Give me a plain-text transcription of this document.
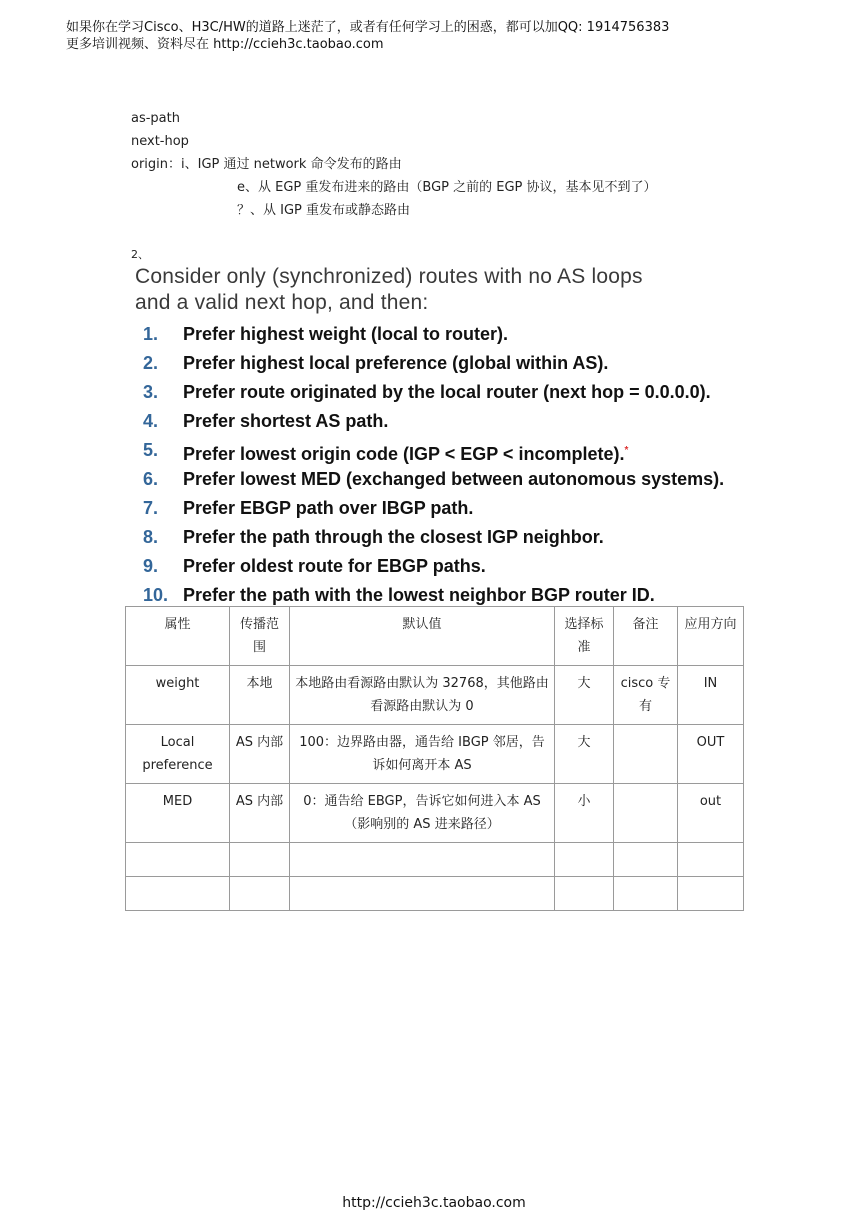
如果你在学习Cisco、H3C/HW的道路上迷茫了，或者有任何学习上的困惑，都可以加QQ: 1914756383
更多培训视频、资料尽在 http://ccieh3c.taobao.com
as-path
next-hop
origin：i、IGP 通过 network 命令发布的路由
e、从 EGP 重发布进来的路由（BGP 之前的 EGP 协议，基本见不到了）
？、从 IGP 重发布或静态路由
2、
Consider only (synchronized) routes with no AS loops
and a valid next hop, and then:
1.	Prefer highest weight (local to router).
2.	Prefer highest local preference (global within AS).
3.	Prefer route originated by the local router (next hop = 0.0.0.0).
4.	Prefer shortest AS path.
5.	Prefer lowest origin code (IGP < EGP < incomplete).*
6.	Prefer lowest MED (exchanged between autonomous systems).
7.	Prefer EBGP path over IBGP path.
8.	Prefer the path through the closest IGP neighbor.
9.	Prefer oldest route for EBGP paths.
10. Prefer the path with the lowest neighbor BGP router ID.
属性	传播范围	默认值	选择标准	备注	应用方向
weight	本地	本地路由看源路由默认为 32768，其他路由看源路由默认为 0	大	cisco 专有	IN
Local preference	AS 内部	100：边界路由器，通告给 IBGP 邻居，告诉如何离开本 AS	大		OUT
MED	AS 内部	0：通告给 EBGP，告诉它如何进入本 AS（影响别的 AS 进来路径）	小		out

http://ccieh3c.taobao.com
